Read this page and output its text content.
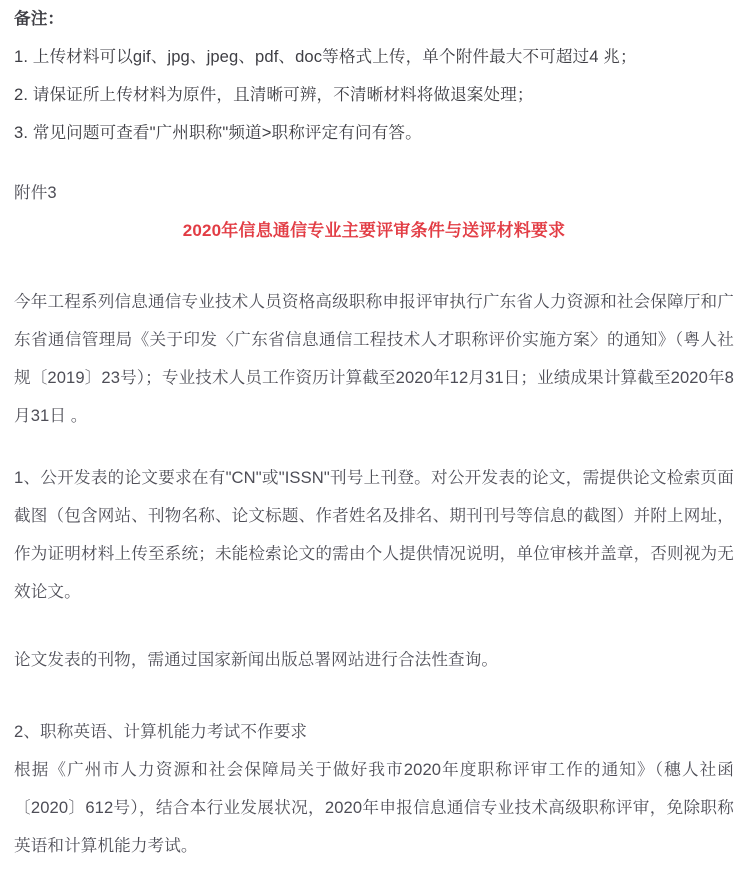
备注：

1. 上传材料可以gif、jpg、jpeg、pdf、doc等格式上传，单个附件最大不可超过4 兆；

2. 请保证所上传材料为原件，且清晰可辨，不清晰材料将做退案处理；

3. 常见问题可查看"广州职称"频道>职称评定有问有答。

附件3

2020年信息通信专业主要评审条件与送评材料要求

今年工程系列信息通信专业技术人员资格高级职称申报评审执行广东省人力资源和社会保障厅和广东省通信管理局《关于印发〈广东省信息通信工程技术人才职称评价实施方案〉的通知》（粤人社规〔2019〕23号）；专业技术人员工作资历计算截至2020年12月31日；业绩成果计算截至2020年8月31日 。

1、公开发表的论文要求在有"CN"或"ISSN"刊号上刊登。对公开发表的论文，需提供论文检索页面截图（包含网站、刊物名称、论文标题、作者姓名及排名、期刊刊号等信息的截图）并附上网址，作为证明材料上传至系统；未能检索论文的需由个人提供情况说明，单位审核并盖章，否则视为无效论文。

论文发表的刊物，需通过国家新闻出版总署网站进行合法性查询。

2、职称英语、计算机能力考试不作要求

根据《广州市人力资源和社会保障局关于做好我市2020年度职称评审工作的通知》（穗人社函〔2020〕612号），结合本行业发展状况，2020年申报信息通信专业技术高级职称评审，免除职称英语和计算机能力考试。
